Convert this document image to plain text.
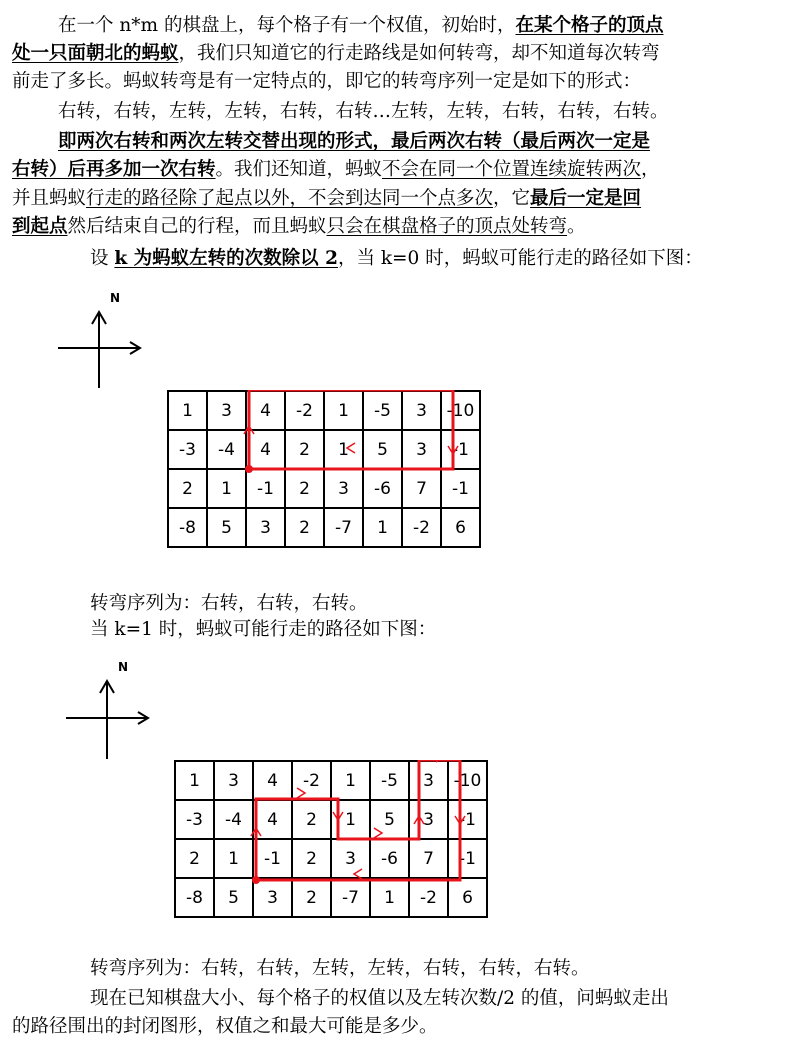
在一个 n*m 的棋盘上，每个格子有一个权值，初始时，在某个格子的顶点
处一只面朝北的蚂蚁，我们只知道它的行走路线是如何转弯，却不知道每次转弯
前走了多长。蚂蚁转弯是有一定特点的，即它的转弯序列一定是如下的形式：
右转，右转，左转，左转，右转，右转…左转，左转，右转，右转，右转。
即两次右转和两次左转交替出现的形式，最后两次右转（最后两次一定是
右转）后再多加一次右转。我们还知道，蚂蚁不会在同一个位置连续旋转两次，
并且蚂蚁行走的路径除了起点以外，不会到达同一个点多次，它最后一定是回
到起点然后结束自己的行程，而且蚂蚁只会在棋盘格子的顶点处转弯。
设 k 为蚂蚁左转的次数除以 2，当 k=0 时，蚂蚁可能行走的路径如下图：
N
1	3	4	-2	1	-5	3	-10
-3	-4	4	2	1	5	3	-1
2	1	-1	2	3	-6	7	-1
-8	5	3	2	-7	1	-2	6
转弯序列为：右转，右转，右转。
当 k=1 时，蚂蚁可能行走的路径如下图：
N
1	3	4	-2	1	-5	3	-10
-3	-4	4	2	1	5	3	-1
2	1	-1	2	3	-6	7	-1
-8	5	3	2	-7	1	-2	6
转弯序列为：右转，右转，左转，左转，右转，右转，右转。
现在已知棋盘大小、每个格子的权值以及左转次数/2 的值，问蚂蚁走出
的路径围出的封闭图形，权值之和最大可能是多少。
